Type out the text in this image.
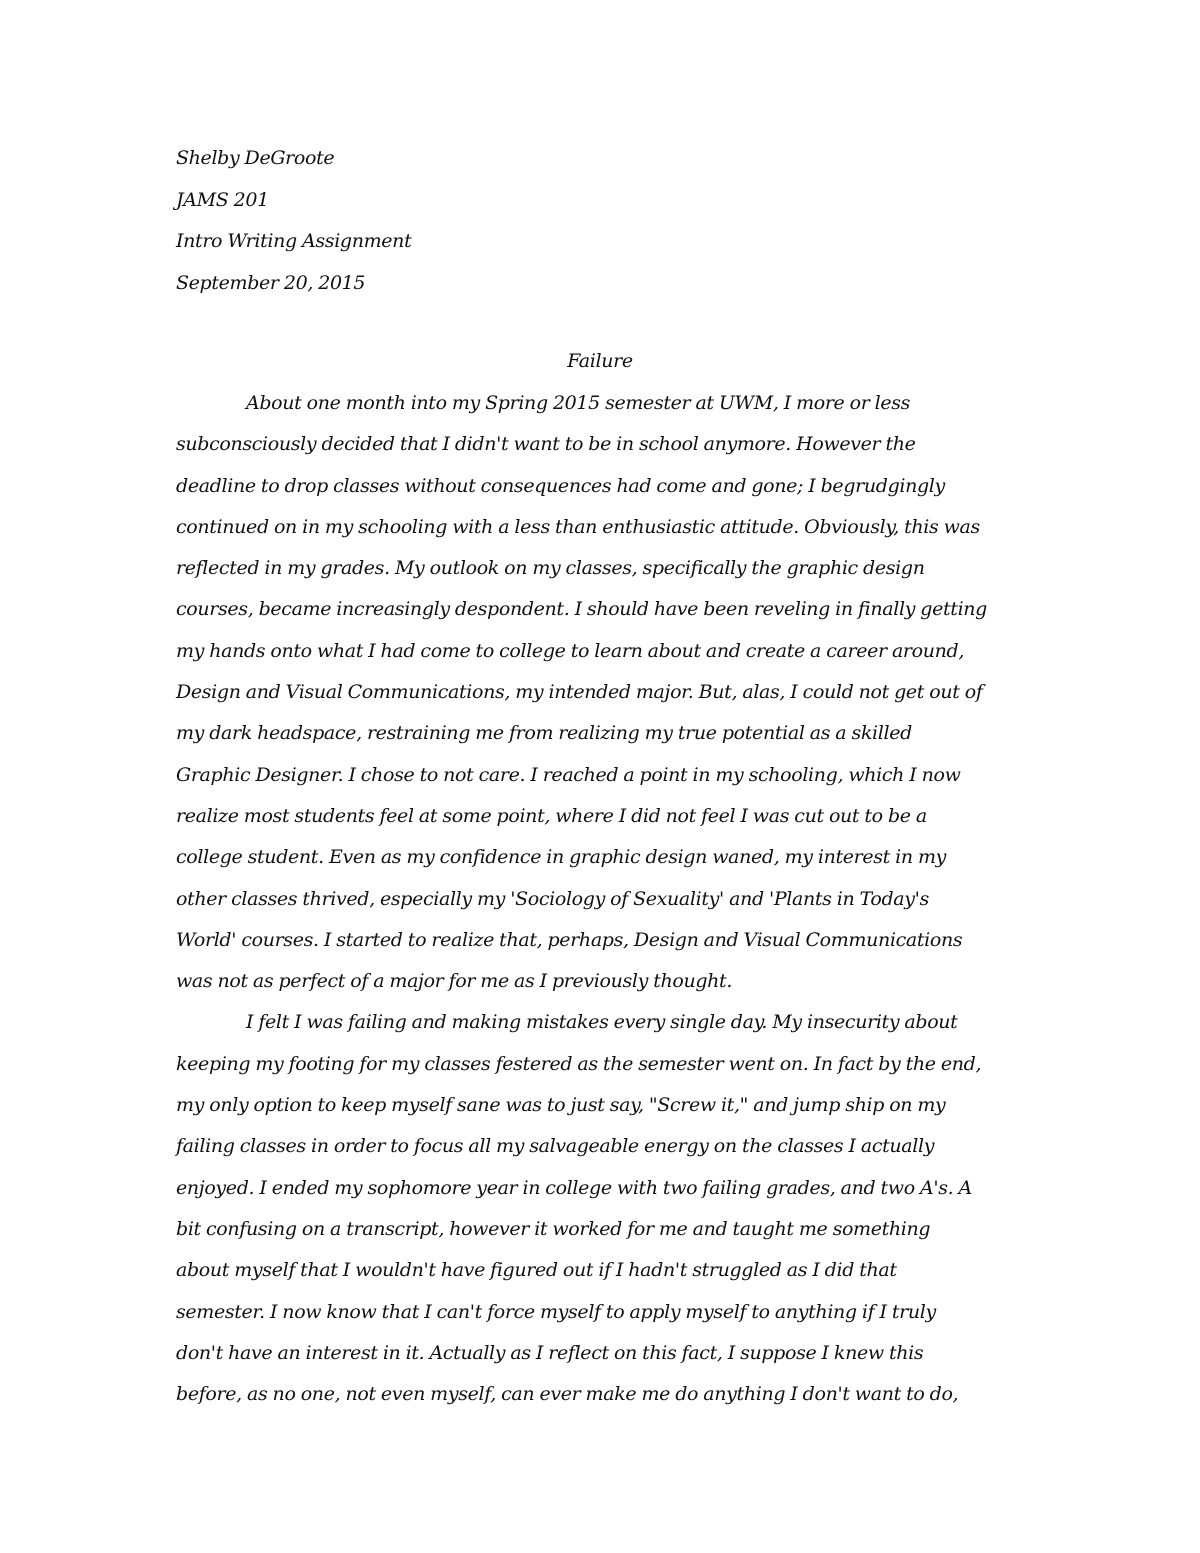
Shelby DeGroote
JAMS 201
Intro Writing Assignment
September 20, 2015
Failure
About one month into my Spring 2015 semester at UWM, I more or less
subconsciously decided that I didn't want to be in school anymore. However the
deadline to drop classes without consequences had come and gone; I begrudgingly
continued on in my schooling with a less than enthusiastic attitude. Obviously, this was
reflected in my grades. My outlook on my classes, specifically the graphic design
courses, became increasingly despondent. I should have been reveling in finally getting
my hands onto what I had come to college to learn about and create a career around,
Design and Visual Communications, my intended major. But, alas, I could not get out of
my dark headspace, restraining me from realizing my true potential as a skilled
Graphic Designer. I chose to not care. I reached a point in my schooling, which I now
realize most students feel at some point, where I did not feel I was cut out to be a
college student. Even as my confidence in graphic design waned, my interest in my
other classes thrived, especially my 'Sociology of Sexuality' and 'Plants in Today's
World' courses. I started to realize that, perhaps, Design and Visual Communications
was not as perfect of a major for me as I previously thought.
I felt I was failing and making mistakes every single day. My insecurity about
keeping my footing for my classes festered as the semester went on. In fact by the end,
my only option to keep myself sane was to just say, "Screw it," and jump ship on my
failing classes in order to focus all my salvageable energy on the classes I actually
enjoyed. I ended my sophomore year in college with two failing grades, and two A's. A
bit confusing on a transcript, however it worked for me and taught me something
about myself that I wouldn't have figured out if I hadn't struggled as I did that
semester. I now know that I can't force myself to apply myself to anything if I truly
don't have an interest in it. Actually as I reflect on this fact, I suppose I knew this
before, as no one, not even myself, can ever make me do anything I don't want to do,
